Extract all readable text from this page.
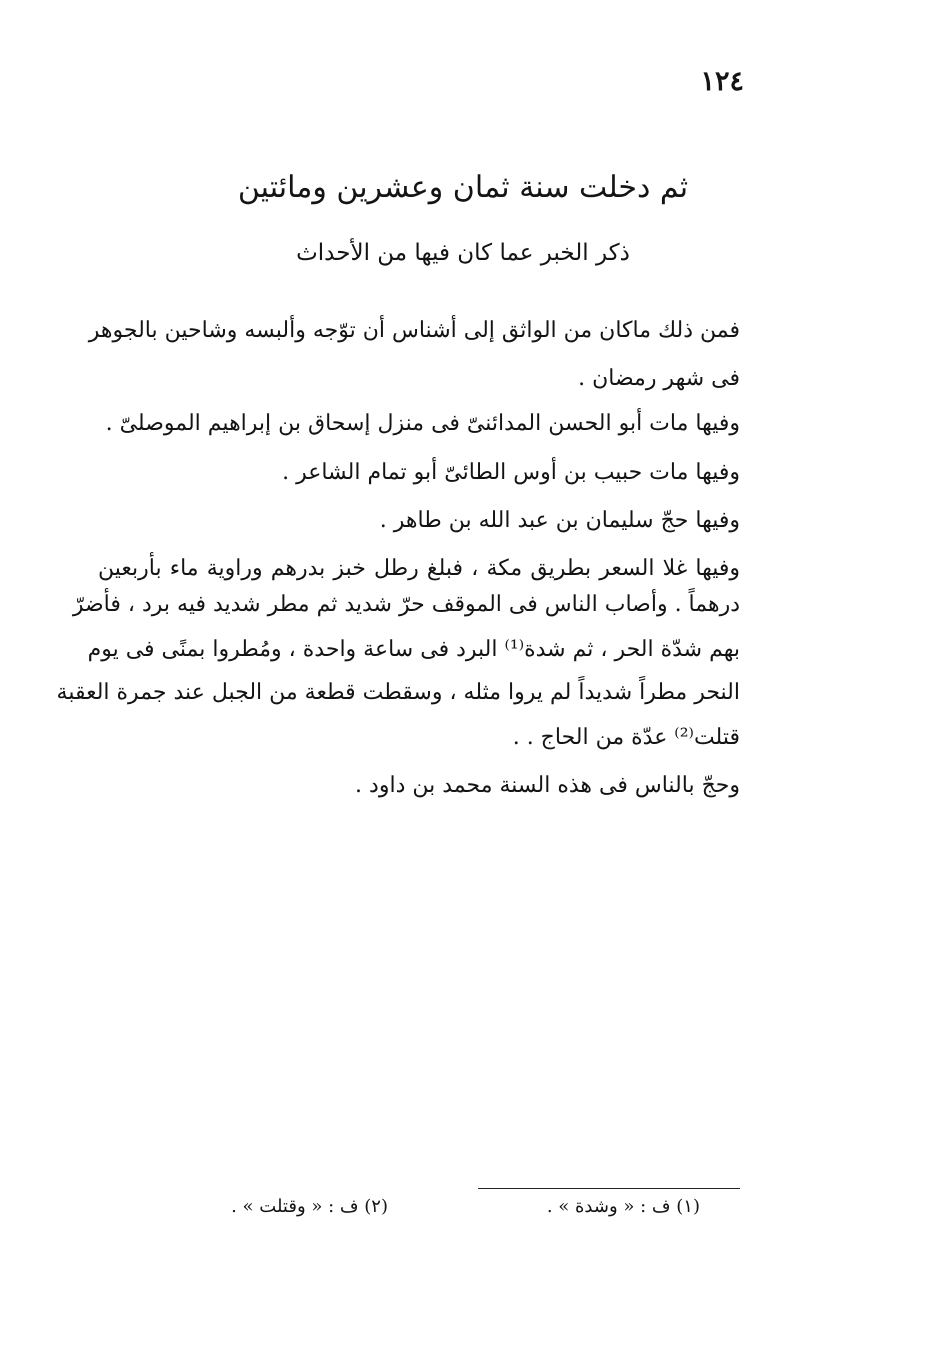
١٢٤
ثم دخلت سنة ثمان وعشرين ومائتين
ذكر الخبر عما كان فيها من الأحداث
فمن ذلك ماكان من الواثق إلى أشناس أن توّجه وألبسه وشاحين بالجوهر
فى شهر رمضان .
وفيها مات أبو الحسن المدائنىّ فى منزل إسحاق بن إبراهيم الموصلىّ .
وفيها مات حبيب بن أوس الطائىّ أبو تمام الشاعر .
وفيها حجّ سليمان بن عبد الله بن طاهر .
وفيها غلا السعر بطريق مكة ، فبلغ رطل خبز بدرهم وراوية ماء بأربعين
درهماً . وأصاب الناس فى الموقف حرّ شديد ثم مطر شديد فيه برد ، فأضرّ
بهم شدّة الحر ، ثم شدة⁽¹⁾ البرد فى ساعة واحدة ، ومُطروا بمنًى فى يوم
النحر مطراً شديداً لم يروا مثله ، وسقطت قطعة من الجبل عند جمرة العقبة
قتلت⁽²⁾ عدّة من الحاج . .
وحجّ بالناس فى هذه السنة محمد بن داود .
(١) ف : « وشدة » .
(٢) ف : « وقتلت » .
